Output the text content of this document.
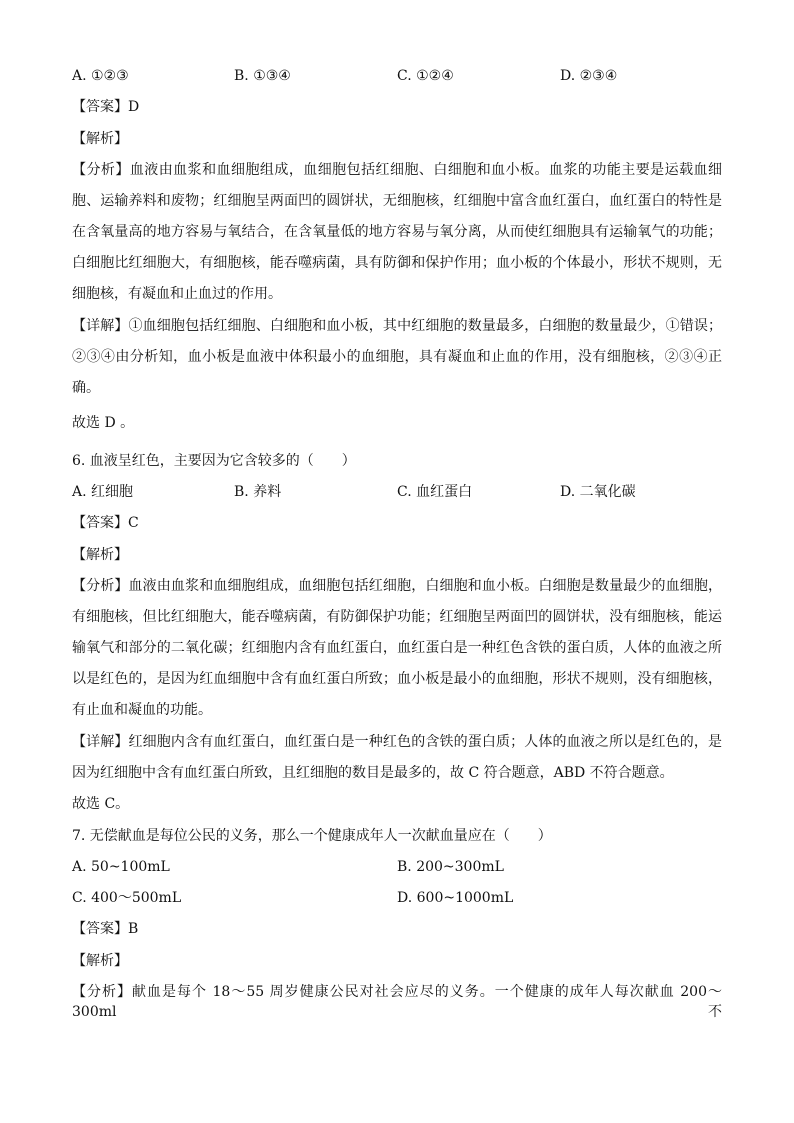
A. ①②③	B. ①③④	C. ①②④	D. ②③④
【答案】D
【解析】
【分析】血液由血浆和血细胞组成，血细胞包括红细胞、白细胞和血小板。血浆的功能主要是运载血细
胞、运输养料和废物；红细胞呈两面凹的圆饼状，无细胞核，红细胞中富含血红蛋白，血红蛋白的特性是
在含氧量高的地方容易与氧结合，在含氧量低的地方容易与氧分离，从而使红细胞具有运输氧气的功能；
白细胞比红细胞大，有细胞核，能吞噬病菌，具有防御和保护作用；血小板的个体最小，形状不规则，无
细胞核，有凝血和止血过的作用。
【详解】①血细胞包括红细胞、白细胞和血小板，其中红细胞的数量最多，白细胞的数量最少，①错误；
②③④由分析知，血小板是血液中体积最小的血细胞，具有凝血和止血的作用，没有细胞核，②③④正
确。
故选 D 。
6. 血液呈红色，主要因为它含较多的（　　）
A. 红细胞	B. 养料	C. 血红蛋白	D. 二氧化碳
【答案】C
【解析】
【分析】血液由血浆和血细胞组成，血细胞包括红细胞，白细胞和血小板。白细胞是数量最少的血细胞，
有细胞核，但比红细胞大，能吞噬病菌，有防御保护功能；红细胞呈两面凹的圆饼状，没有细胞核，能运
输氧气和部分的二氧化碳；红细胞内含有血红蛋白，血红蛋白是一种红色含铁的蛋白质，人体的血液之所
以是红色的，是因为红血细胞中含有血红蛋白所致；血小板是最小的血细胞，形状不规则，没有细胞核，
有止血和凝血的功能。
【详解】红细胞内含有血红蛋白，血红蛋白是一种红色的含铁的蛋白质；人体的血液之所以是红色的，是
因为红细胞中含有血红蛋白所致，且红细胞的数目是最多的，故 C 符合题意，ABD 不符合题意。
故选 C。
7. 无偿献血是每位公民的义务，那么一个健康成年人一次献血量应在（　　）
A. 50~100mL	B. 200~300mL
C. 400～500mL	D. 600~1000mL
【答案】B
【解析】
【分析】献血是每个 18～55 周岁健康公民对社会应尽的义务。一个健康的成年人每次献血 200～300ml 不
